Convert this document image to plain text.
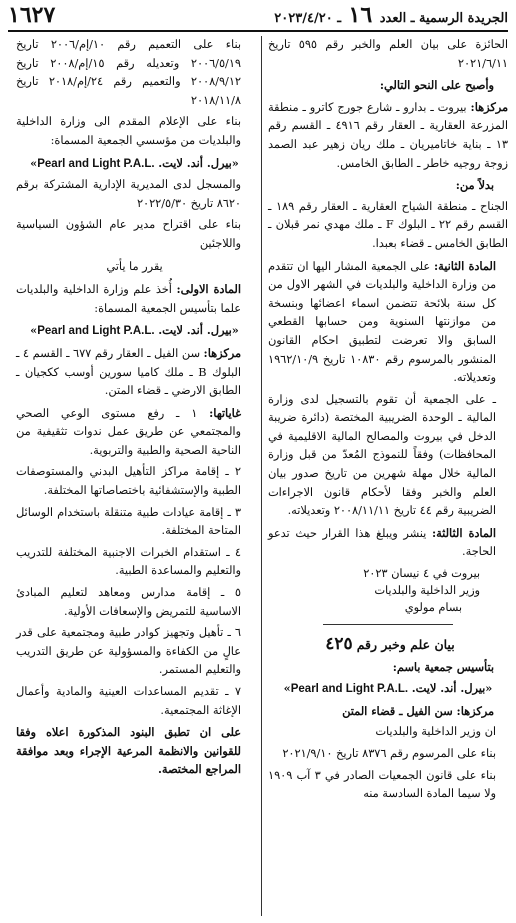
الجريدة الرسمية ـ العدد ١٦ ـ ٢٠٢٣/٤/٢٠
١٦٢٧

الحائزة على بيان العلم والخبر رقم ٥٩٥ تاريخ ٢٠٢١/٦/١١

وأصبح على النحو التالي:

مركزها: بيروت ـ بدارو ـ شارع جورج كاترو ـ منطقة المزرعة العقارية ـ العقار رقم ٤٩١٦ ـ القسم رقم ١٣ ـ بناية خاتاميريان ـ ملك ريان زهير عبد الصمد زوجة روجيه خاطر ـ الطابق الخامس.

بدلاً من:

الجناح ـ منطقة الشياح العقارية ـ العقار رقم ١٨٩ ـ القسم رقم ٢٢ ـ البلوك F ـ ملك مهدي نمر قبلان ـ الطابق الخامس ـ قضاء بعبدا.

المادة الثانية: على الجمعية المشار اليها ان تتقدم من وزارة الداخلية والبلديات في الشهر الاول من كل سنة بلائحة تتضمن اسماء اعضائها وبنسخة من موازنتها السنوية ومن حسابها القطعي السابق والا تعرضت لتطبيق احكام القانون المنشور بالمرسوم رقم ١٠٨٣٠ تاريخ ١٩٦٢/١٠/٩ وتعديلاته.

ـ على الجمعية أن تقوم بالتسجيل لدى وزارة المالية ـ الوحدة الضريبية المختصة (دائرة ضريبة الدخل في بيروت والمصالح المالية الاقليمية في المحافظات) وفقاً للنموذج المُعدّ من قبل وزارة المالية خلال مهلة شهرين من تاريخ صدور بيان العلم والخبر وفقا لأحكام قانون الاجراءات الضريبية رقم ٤٤ تاريخ ٢٠٠٨/١١/١١ وتعديلاته.

المادة الثالثة: ينشر ويبلغ هذا القرار حيث تدعو الحاجة.

بيروت في ٤ نيسان ٢٠٢٣
وزير الداخلية والبلديات
بسام مولوي

بيان علم وخبر رقم٤٢٥

بتأسيس جمعية باسم:

«بيرل. أند. لايت. Pearl and Light P.A.L.»

مركزها: سن الفيل ـ قضاء المتن

ان وزير الداخلية والبلديات

بناء على المرسوم رقم ٨٣٧٦ تاريخ ٢٠٢١/٩/١٠

بناء على قانون الجمعيات الصادر في ٣ آب ١٩٠٩ ولا سيما المادة السادسة منه

بناء على التعميم رقم ١٠/إم/٢٠٠٦ تاريخ ٢٠٠٦/٥/١٩ وتعديله رقم ١٥/إم/٢٠٠٨ تاريخ ٢٠٠٨/٩/١٢ والتعميم رقم ٢٤/إم/٢٠١٨ تاريخ ٢٠١٨/١١/٨

بناء على الإعلام المقدم الى وزارة الداخلية والبلديات من مؤسسي الجمعية المسماة:

«بيرل. أند. لايت. Pearl and Light P.A.L.»

والمسجل لدى المديرية الإدارية المشتركة برقم ٨٦٢٠ تاريخ ٢٠٢٢/٥/٣٠

بناء على اقتراح مدير عام الشؤون السياسية واللاجئين

يقرر ما يأتي

المادة الاولى: أُخذ علم وزارة الداخلية والبلديات علما بتأسيس الجمعية المسماة:

«بيرل. أند. لايت. Pearl and Light P.A.L.»

مركزها: سن الفيل ـ العقار رقم ٦٧٧ ـ القسم ٤ ـ البلوك B ـ ملك كاميا سورين أوسب ككجيان ـ الطابق الارضي ـ قضاء المتن.

غاياتها: ١ ـ رفع مستوى الوعي الصحي والمجتمعي عن طريق عمل ندوات تثقيفية من الناحية الصحية والطبية والتربوية.

٢ ـ إقامة مراكز التأهيل البدني والمستوصفات الطبية والإستشفائية باختصاصاتها المختلفة.

٣ ـ إقامة عيادات طبية متنقلة باستخدام الوسائل المتاحة المختلفة.

٤ ـ استقدام الخبرات الاجنبية المختلفة للتدريب والتعليم والمساعدة الطبية.

٥ ـ إقامة مدارس ومعاهد لتعليم المبادئ الاساسية للتمريض والإسعافات الأولية.

٦ ـ تأهيل وتجهيز كوادر طبية ومجتمعية على قدر عالٍ من الكفاءة والمسؤولية عن طريق التدريب والتعليم المستمر.

٧ ـ تقديم المساعدات العينية والمادية وأعمال الإغاثة المجتمعية.

على ان تطبق البنود المذكورة اعلاه وفقا للقوانين والانظمة المرعية الإجراء وبعد موافقة المراجع المختصة.
